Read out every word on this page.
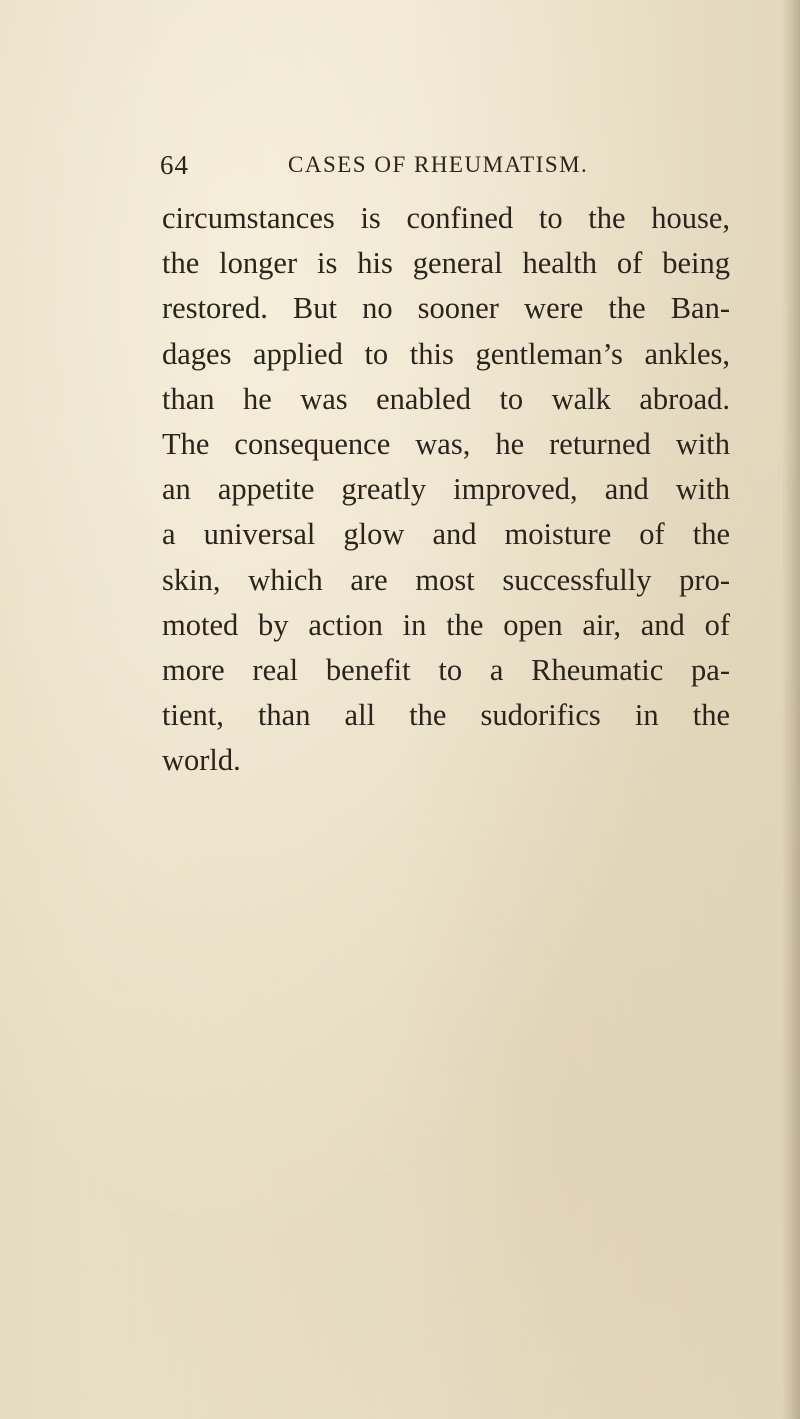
64	CASES OF RHEUMATISM.
circumstances is confined to the house,
the longer is his general health of being
restored. But no sooner were the Ban-
dages applied to this gentleman’s ankles,
than he was enabled to walk abroad.
The consequence was, he returned with
an appetite greatly improved, and with
a universal glow and moisture of the
skin, which are most successfully pro-
moted by action in the open air, and of
more real benefit to a Rheumatic pa-
tient, than all the sudorifics in the
world.
